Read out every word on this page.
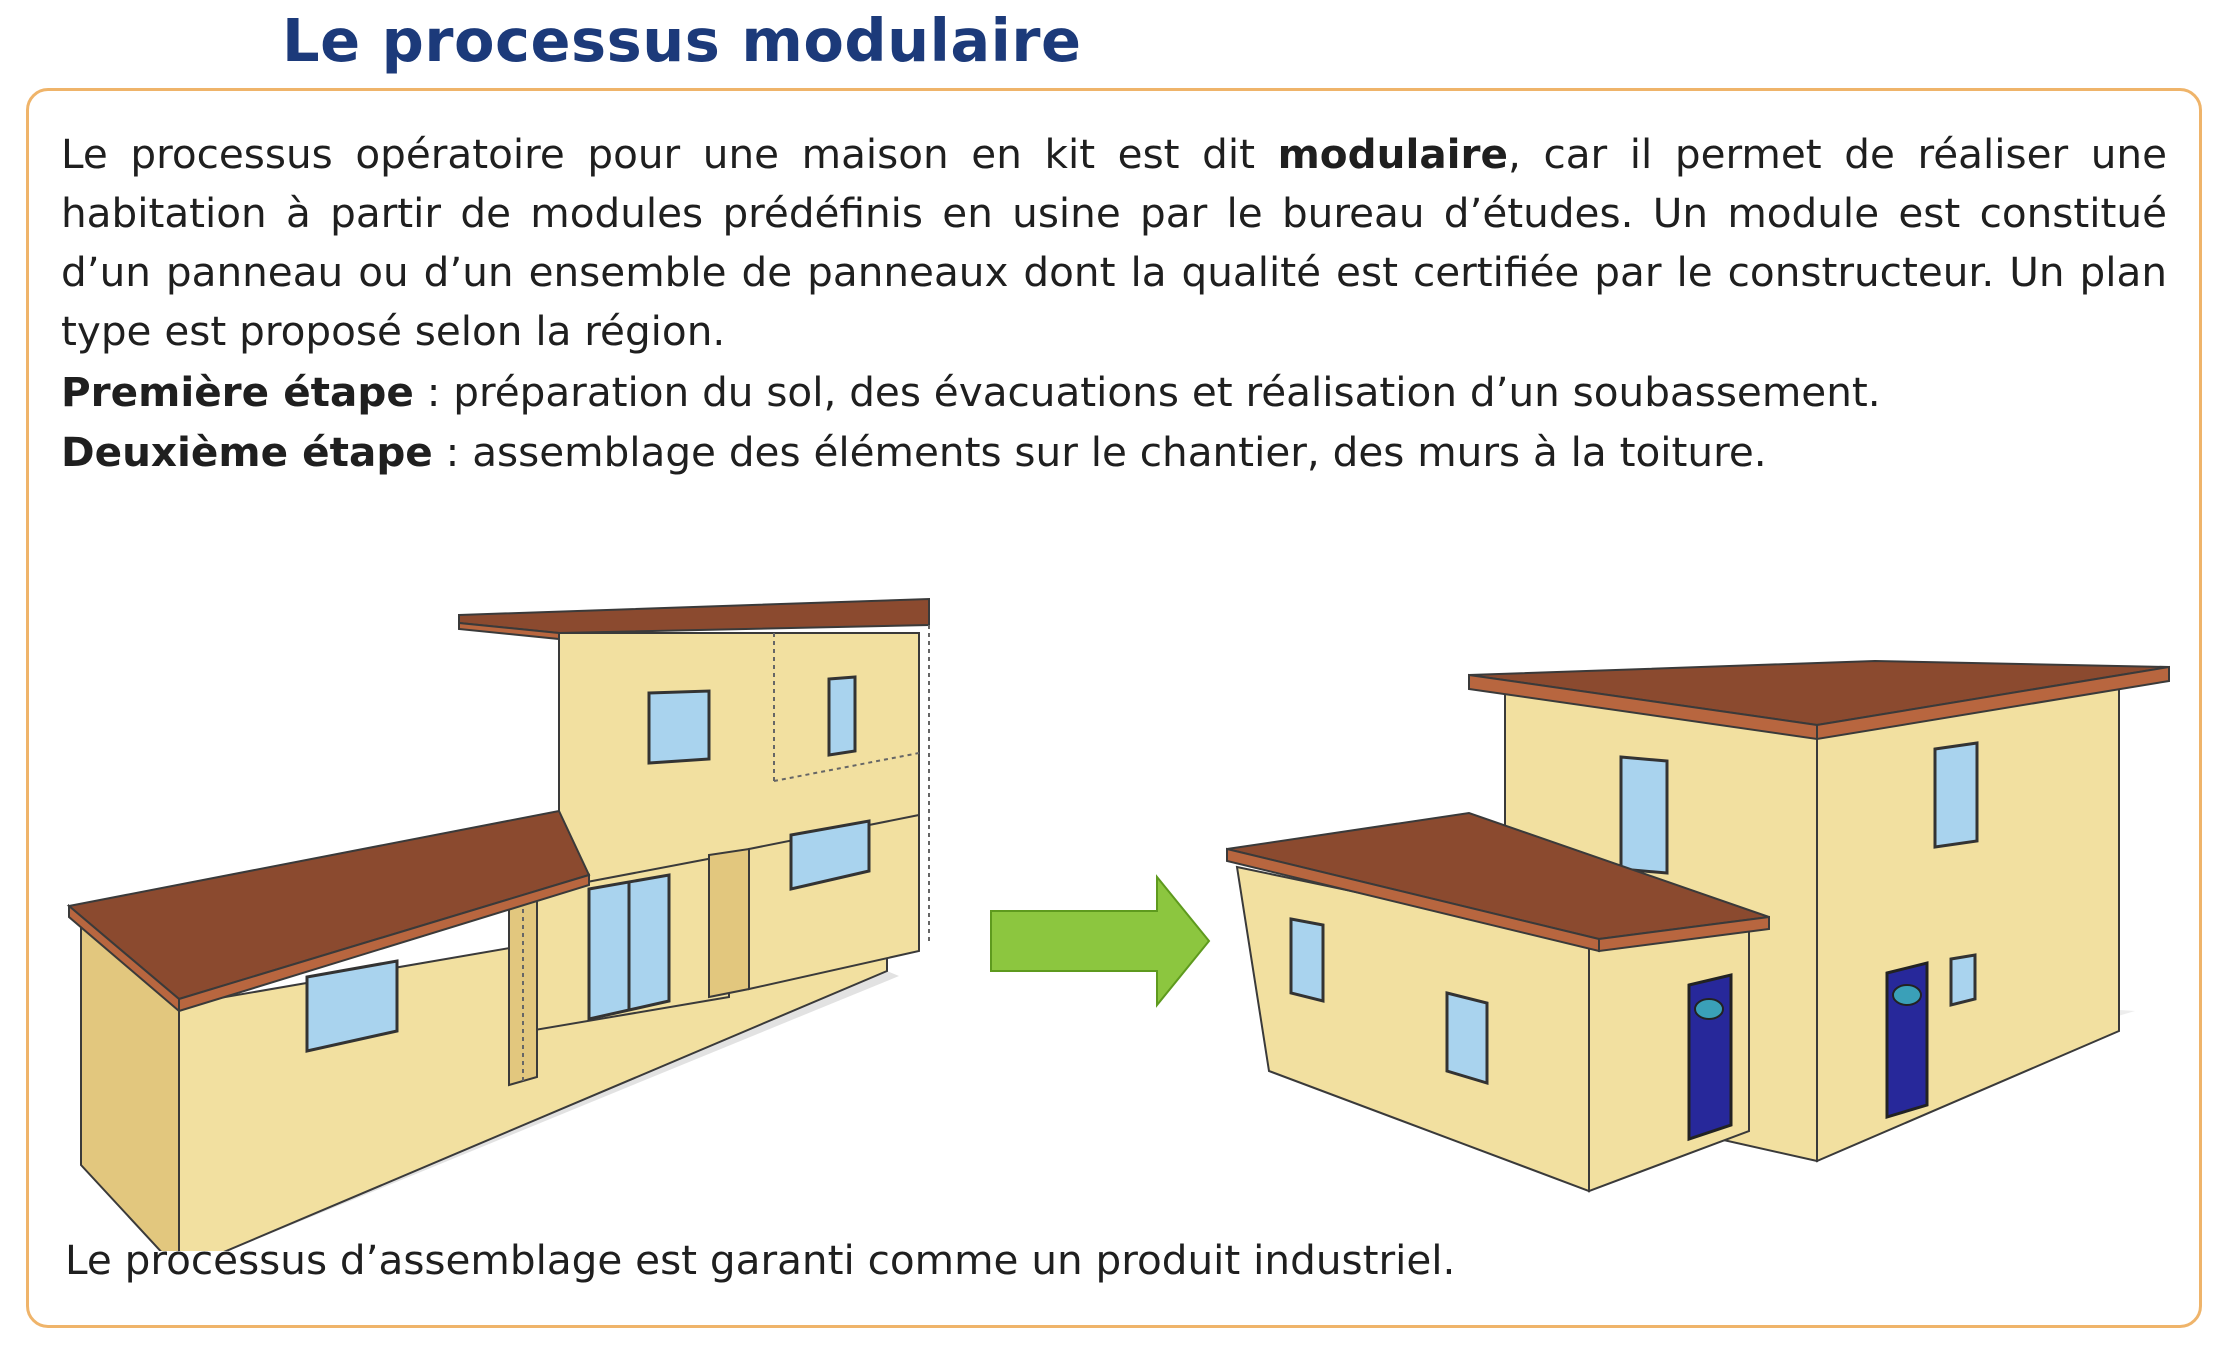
Le processus modulaire

Le processus opératoire pour une maison en kit est dit modulaire, car il permet de réaliser une habitation à partir de modules prédéfinis en usine par le bureau d’études. Un module est constitué d’un panneau ou d’un ensemble de panneaux dont la qualité est certifiée par le constructeur. Un plan type est proposé selon la région.

Première étape : préparation du sol, des évacuations et réalisation d’un soubassement.

Deuxième étape : assemblage des éléments sur le chantier, des murs à la toiture.

Le processus d’assemblage est garanti comme un produit industriel.
